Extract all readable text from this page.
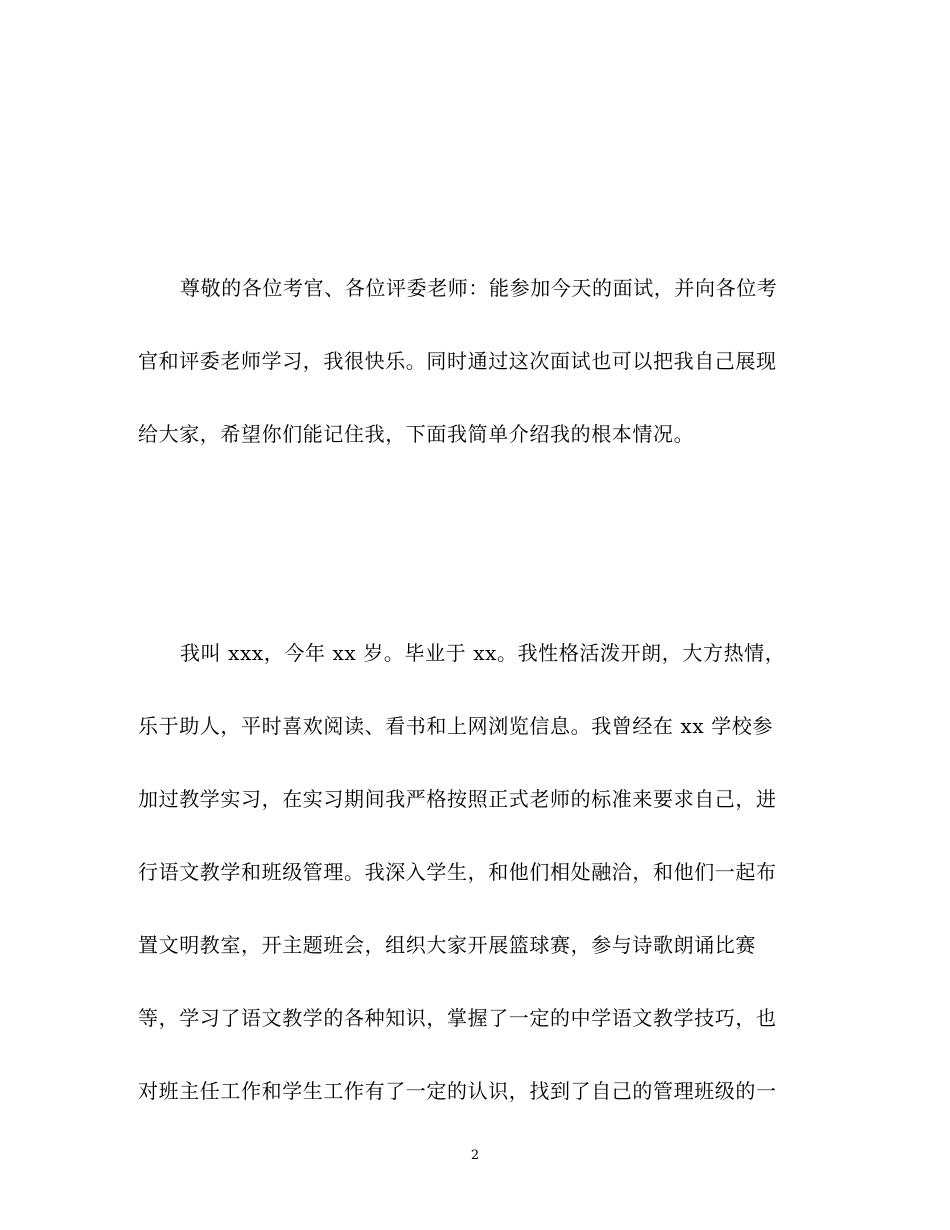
尊敬的各位考官、各位评委老师：能参加今天的面试，并向各位考
官和评委老师学习，我很快乐。同时通过这次面试也可以把我自己展现
给大家，希望你们能记住我，下面我简单介绍我的根本情况。
我叫 xxx，今年 xx 岁。毕业于 xx。我性格活泼开朗，大方热情，
乐于助人，平时喜欢阅读、看书和上网浏览信息。我曾经在 xx 学校参
加过教学实习，在实习期间我严格按照正式老师的标准来要求自己，进
行语文教学和班级管理。我深入学生，和他们相处融洽，和他们一起布
置文明教室，开主题班会，组织大家开展篮球赛，参与诗歌朗诵比赛
等，学习了语文教学的各种知识，掌握了一定的中学语文教学技巧，也
对班主任工作和学生工作有了一定的认识，找到了自己的管理班级的一
2
